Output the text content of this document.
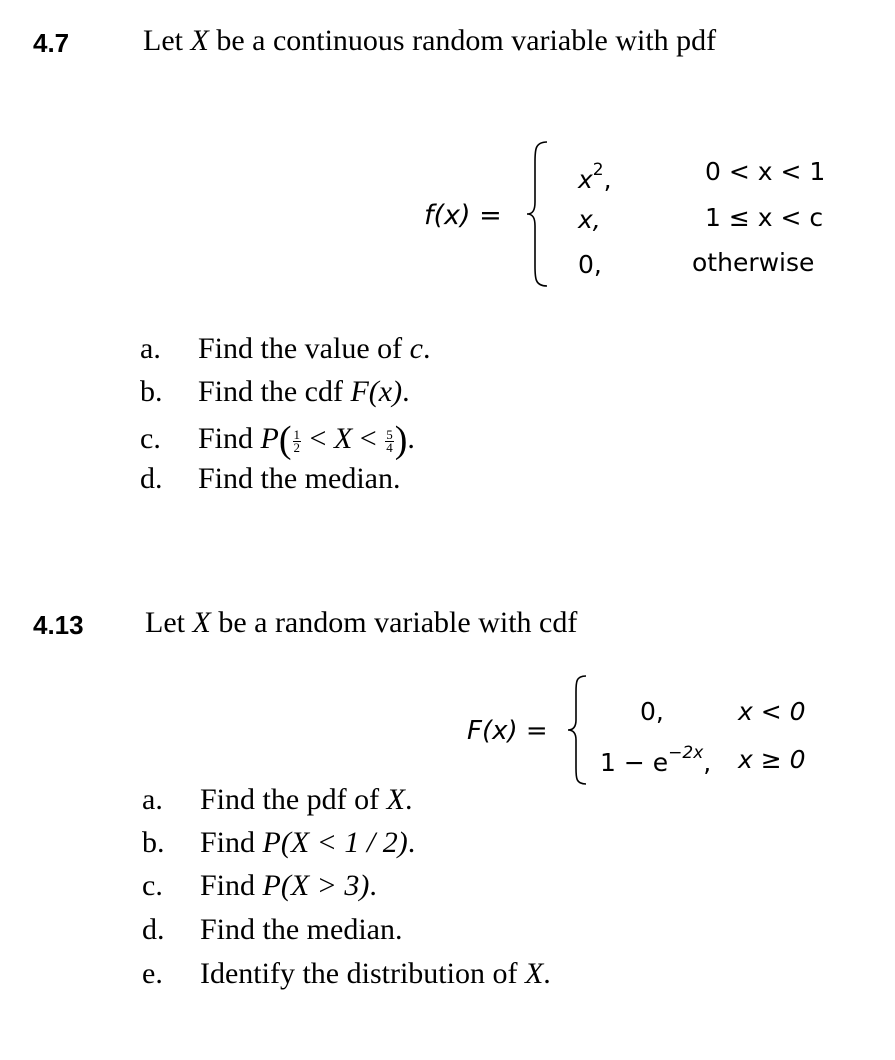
4.7 Let X be a continuous random variable with pdf
f(x) =
$x^2$,
x,
0,
0 < x < 1
1 ≤ x < c
otherwise
a. Find the value of c.
b. Find the cdf F(x).
c. Find $P( \frac{1}{2} < X < \frac{5}{4}$ ).
d. Find the median.
4.13 Let X be a random variable with cdf
F(x) =
0,
$1 - e^{-2x}$,
x < 0
x ≥ 0
a. Find the pdf of X.
b. Find P(X < 1 / 2).
c. Find P(X > 3).
d. Find the median.
e. Identify the distribution of X.
